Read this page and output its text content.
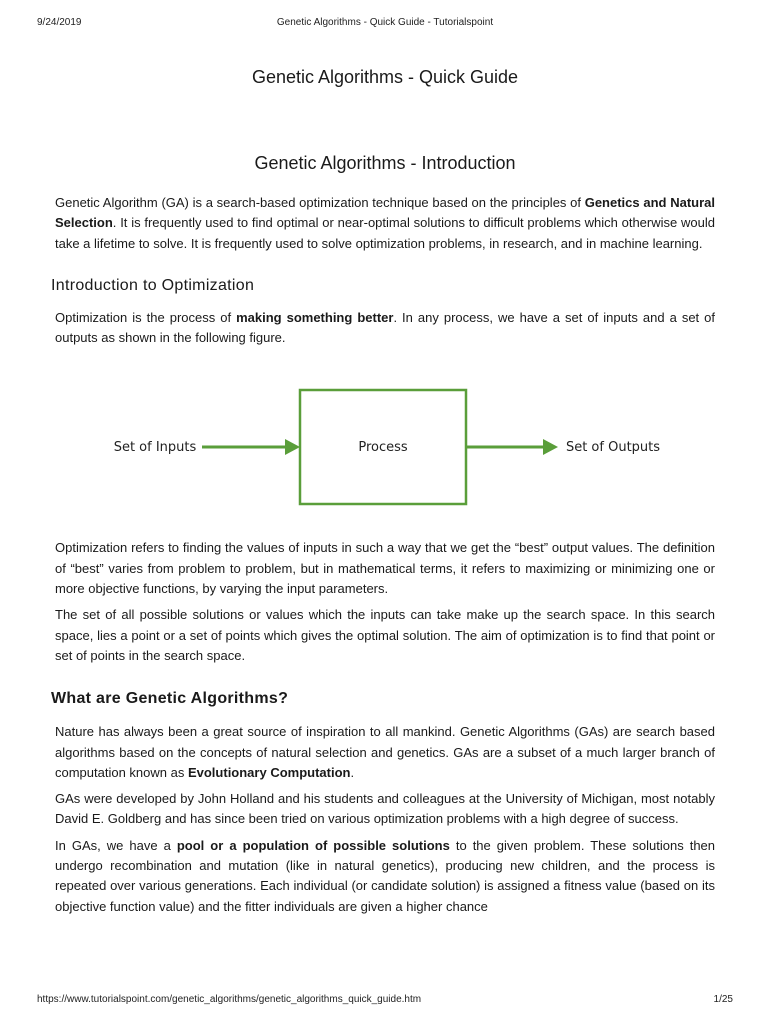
9/24/2019	Genetic Algorithms - Quick Guide - Tutorialspoint
Genetic Algorithms - Quick Guide
Genetic Algorithms - Introduction

Genetic Algorithm (GA) is a search-based optimization technique based on the principles of Genetics and Natural Selection. It is frequently used to find optimal or near-optimal solutions to difficult problems which otherwise would take a lifetime to solve. It is frequently used to solve optimization problems, in research, and in machine learning.

Introduction to Optimization

Optimization is the process of making something better. In any process, we have a set of inputs and a set of outputs as shown in the following figure.

Set of Inputs	Process	Set of Outputs

Optimization refers to finding the values of inputs in such a way that we get the “best” output values. The definition of “best” varies from problem to problem, but in mathematical terms, it refers to maximizing or minimizing one or more objective functions, by varying the input parameters.

The set of all possible solutions or values which the inputs can take make up the search space. In this search space, lies a point or a set of points which gives the optimal solution. The aim of optimization is to find that point or set of points in the search space.

What are Genetic Algorithms?

Nature has always been a great source of inspiration to all mankind. Genetic Algorithms (GAs) are search based algorithms based on the concepts of natural selection and genetics. GAs are a subset of a much larger branch of computation known as Evolutionary Computation.

GAs were developed by John Holland and his students and colleagues at the University of Michigan, most notably David E. Goldberg and has since been tried on various optimization problems with a high degree of success.

In GAs, we have a pool or a population of possible solutions to the given problem. These solutions then undergo recombination and mutation (like in natural genetics), producing new children, and the process is repeated over various generations. Each individual (or candidate solution) is assigned a fitness value (based on its objective function value) and the fitter individuals are given a higher chance

https://www.tutorialspoint.com/genetic_algorithms/genetic_algorithms_quick_guide.htm	1/25
